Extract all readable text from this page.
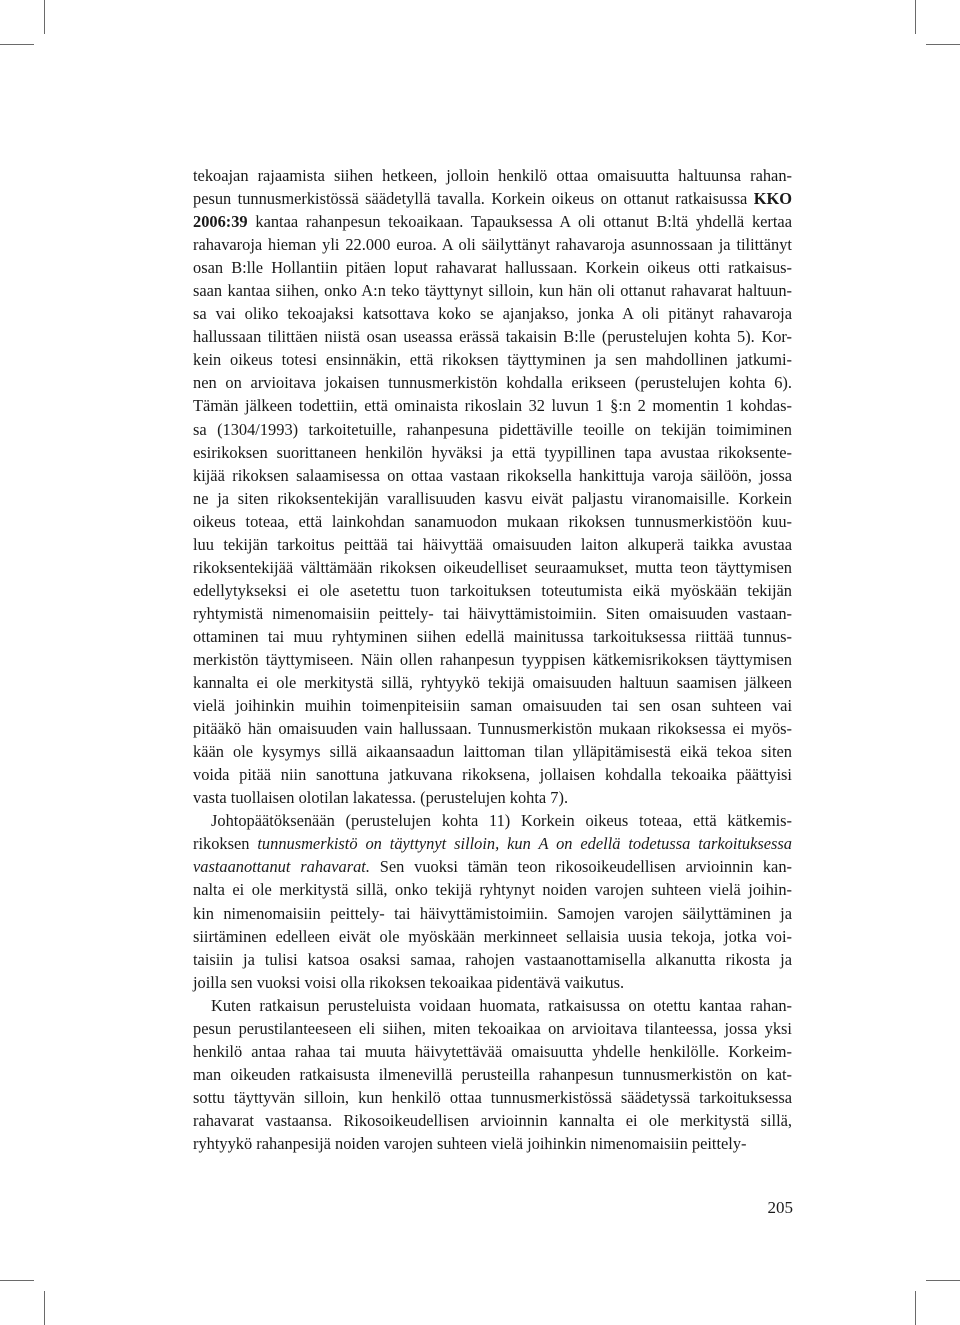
tekoajan rajaamista siihen hetkeen, jolloin henkilö ottaa omaisuutta haltuunsa rahan-
pesun tunnusmerkistössä säädetyllä tavalla. Korkein oikeus on ottanut ratkaisussa KKO
2006:39 kantaa rahanpesun tekoaikaan. Tapauksessa A oli ottanut B:ltä yhdellä kertaa
rahavaroja hieman yli 22.000 euroa. A oli säilyttänyt rahavaroja asunnossaan ja tilittänyt
osan B:lle Hollantiin pitäen loput rahavarat hallussaan. Korkein oikeus otti ratkaisus-
saan kantaa siihen, onko A:n teko täyttynyt silloin, kun hän oli ottanut rahavarat haltuun-
sa vai oliko tekoajaksi katsottava koko se ajanjakso, jonka A oli pitänyt rahavaroja
hallussaan tilittäen niistä osan useassa erässä takaisin B:lle (perustelujen kohta 5). Kor-
kein oikeus totesi ensinnäkin, että rikoksen täyttyminen ja sen mahdollinen jatkumi-
nen on arvioitava jokaisen tunnusmerkistön kohdalla erikseen (perustelujen kohta 6).
Tämän jälkeen todettiin, että ominaista rikoslain 32 luvun 1 §:n 2 momentin 1 kohdas-
sa (1304/1993) tarkoitetuille, rahanpesuna pidettäville teoille on tekijän toimiminen
esirikoksen suorittaneen henkilön hyväksi ja että tyypillinen tapa avustaa rikoksente-
kijää rikoksen salaamisessa on ottaa vastaan rikoksella hankittuja varoja säilöön, jossa
ne ja siten rikoksentekijän varallisuuden kasvu eivät paljastu viranomaisille. Korkein
oikeus toteaa, että lainkohdan sanamuodon mukaan rikoksen tunnusmerkistöön kuu-
luu tekijän tarkoitus peittää tai häivyttää omaisuuden laiton alkuperä taikka avustaa
rikoksentekijää välttämään rikoksen oikeudelliset seuraamukset, mutta teon täyttymisen
edellytykseksi ei ole asetettu tuon tarkoituksen toteutumista eikä myöskään tekijän
ryhtymistä nimenomaisiin peittely- tai häivyttämistoimiin. Siten omaisuuden vastaan-
ottaminen tai muu ryhtyminen siihen edellä mainitussa tarkoituksessa riittää tunnus-
merkistön täyttymiseen. Näin ollen rahanpesun tyyppisen kätkemisrikoksen täyttymisen
kannalta ei ole merkitystä sillä, ryhtyykö tekijä omaisuuden haltuun saamisen jälkeen
vielä joihinkin muihin toimenpiteisiin saman omaisuuden tai sen osan suhteen vai
pitääkö hän omaisuuden vain hallussaan. Tunnusmerkistön mukaan rikoksessa ei myös-
kään ole kysymys sillä aikaansaadun laittoman tilan ylläpitämisestä eikä tekoa siten
voida pitää niin sanottuna jatkuvana rikoksena, jollaisen kohdalla tekoaika päättyisi
vasta tuollaisen olotilan lakatessa. (perustelujen kohta 7).

Johtopäätöksenään (perustelujen kohta 11) Korkein oikeus toteaa, että kätkemis-
rikoksen tunnusmerkistö on täyttynyt silloin, kun A on edellä todetussa tarkoituksessa
vastaanottanut rahavarat. Sen vuoksi tämän teon rikosoikeudellisen arvioinnin kan-
nalta ei ole merkitystä sillä, onko tekijä ryhtynyt noiden varojen suhteen vielä joihin-
kin nimenomaisiin peittely- tai häivyttämistoimiin. Samojen varojen säilyttäminen ja
siirtäminen edelleen eivät ole myöskään merkinneet sellaisia uusia tekoja, jotka voi-
taisiin ja tulisi katsoa osaksi samaa, rahojen vastaanottamisella alkanutta rikosta ja
joilla sen vuoksi voisi olla rikoksen tekoaikaa pidentävä vaikutus.

Kuten ratkaisun perusteluista voidaan huomata, ratkaisussa on otettu kantaa rahan-
pesun perustilanteeseen eli siihen, miten tekoaikaa on arvioitava tilanteessa, jossa yksi
henkilö antaa rahaa tai muuta häivytettävää omaisuutta yhdelle henkilölle. Korkeim-
man oikeuden ratkaisusta ilmenevillä perusteilla rahanpesun tunnusmerkistön on kat-
sottu täyttyvän silloin, kun henkilö ottaa tunnusmerkistössä säädetyssä tarkoituksessa
rahavarat vastaansa. Rikosoikeudellisen arvioinnin kannalta ei ole merkitystä sillä,
ryhtyykö rahanpesijä noiden varojen suhteen vielä joihinkin nimenomaisiin peittely-

205
